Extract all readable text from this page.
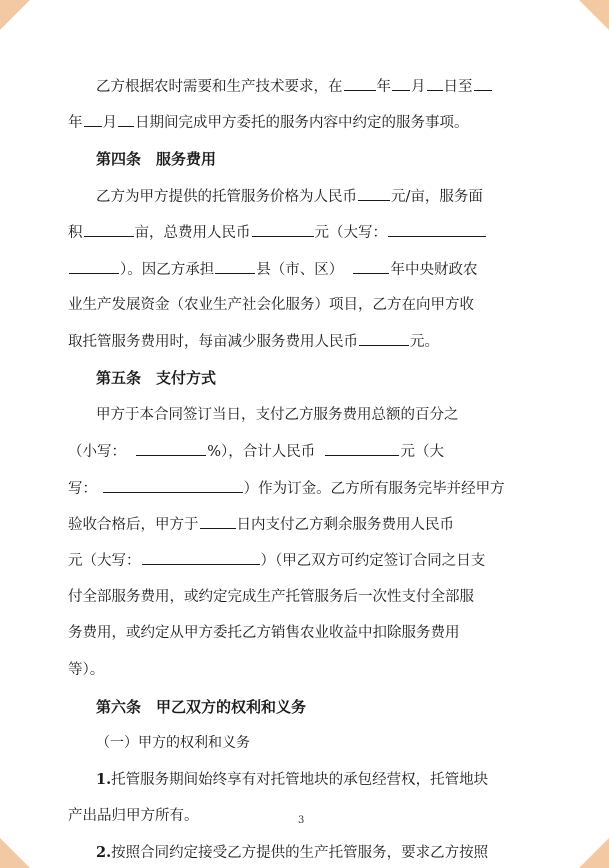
乙方根据农时需要和生产技术要求，在 年 月 日至
年 月 日期间完成甲方委托的服务内容中约定的服务事项。
第四条　服务费用
乙方为甲方提供的托管服务价格为人民币 元/亩，服务面
积	亩，总费用人民币	元（大写：
）。因乙方承担	县（市、区）	年中央财政农
业生产发展资金（农业生产社会化服务）项目，乙方在向甲方收
取托管服务费用时，每亩减少服务费用人民币	元。
第五条　支付方式
甲方于本合同签订当日，支付乙方服务费用总额的百分之
（小写：	%），合计人民币	元（大
写：	）作为订金。乙方所有服务完毕并经甲方
验收合格后，甲方于	日内支付乙方剩余服务费用人民币
元（大写：	）（甲乙双方可约定签订合同之日支
付全部服务费用，或约定完成生产托管服务后一次性支付全部服
务费用，或约定从甲方委托乙方销售农业收益中扣除服务费用
等）。
第六条　甲乙双方的权利和义务
（一）甲方的权利和义务
1.托管服务期间始终享有对托管地块的承包经营权，托管地块
产出品归甲方所有。
2.按照合同约定接受乙方提供的生产托管服务，要求乙方按照
3
